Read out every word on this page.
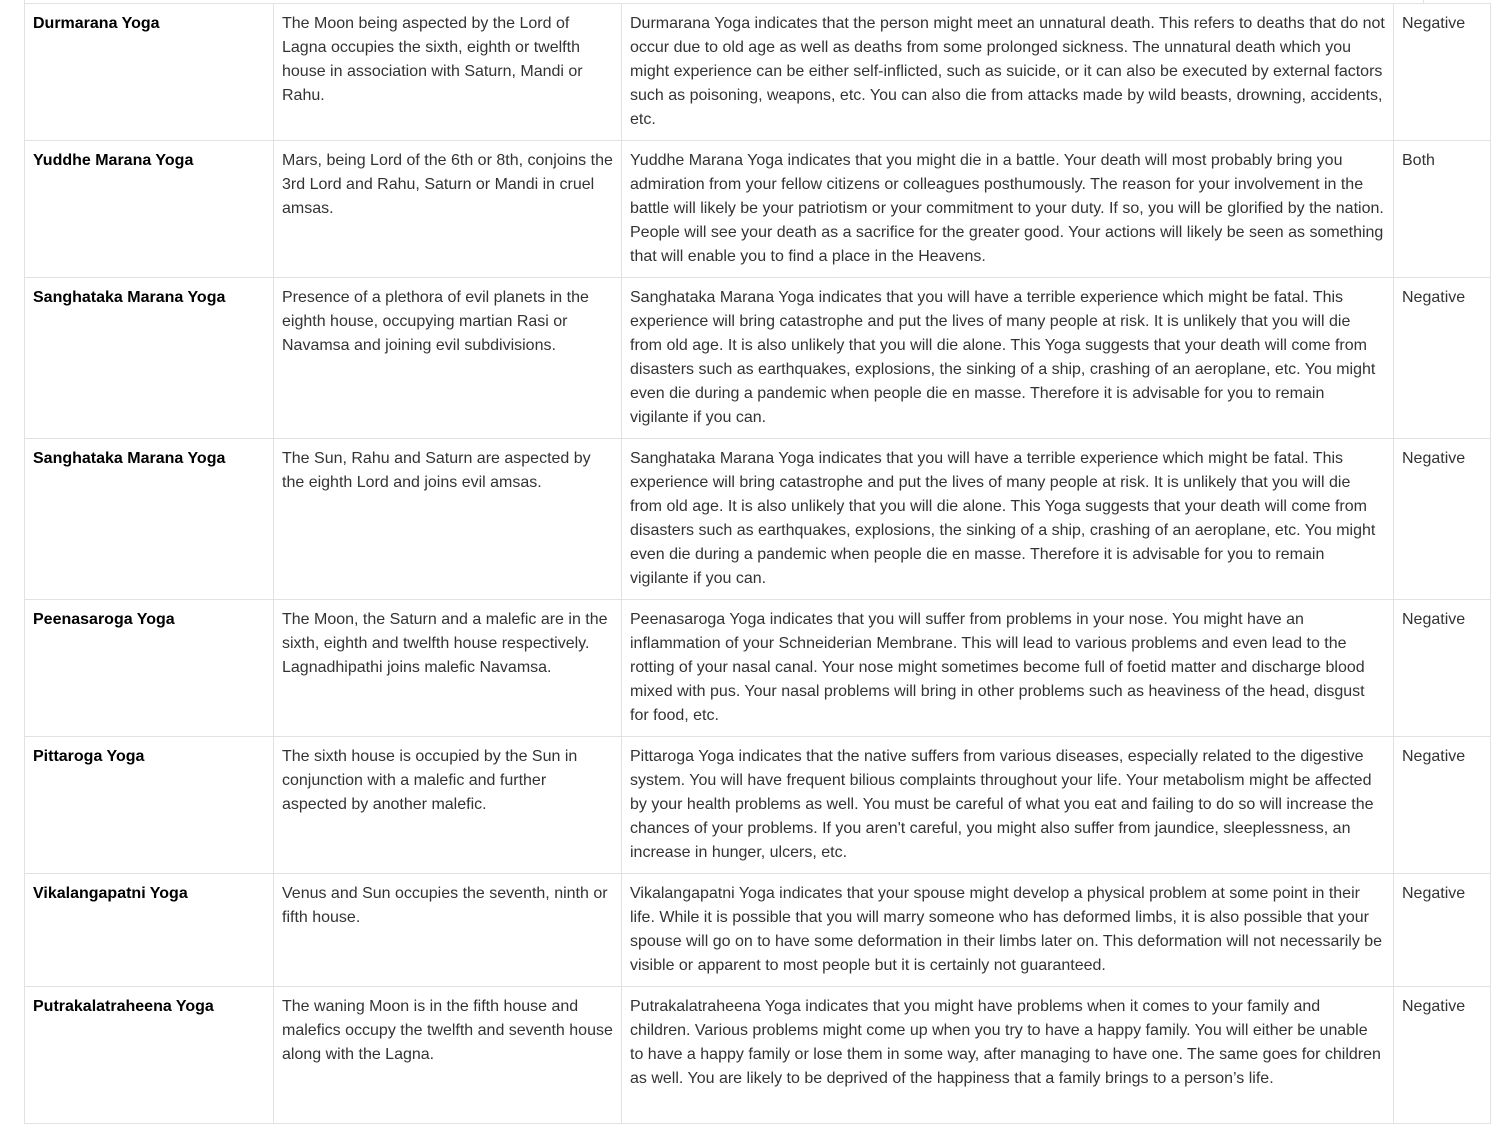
Durmarana Yoga	The Moon being aspected by the Lord of Lagna occupies the sixth, eighth or twelfth house in association with Saturn, Mandi or Rahu.	Durmarana Yoga indicates that the person might meet an unnatural death. This refers to deaths that do not occur due to old age as well as deaths from some prolonged sickness. The unnatural death which you might experience can be either self-inflicted, such as suicide, or it can also be executed by external factors such as poisoning, weapons, etc. You can also die from attacks made by wild beasts, drowning, accidents, etc.	Negative
Yuddhe Marana Yoga	Mars, being Lord of the 6th or 8th, conjoins the 3rd Lord and Rahu, Saturn or Mandi in cruel amsas.	Yuddhe Marana Yoga indicates that you might die in a battle. Your death will most probably bring you admiration from your fellow citizens or colleagues posthumously. The reason for your involvement in the battle will likely be your patriotism or your commitment to your duty. If so, you will be glorified by the nation. People will see your death as a sacrifice for the greater good. Your actions will likely be seen as something that will enable you to find a place in the Heavens.	Both
Sanghataka Marana Yoga	Presence of a plethora of evil planets in the eighth house, occupying martian Rasi or Navamsa and joining evil subdivisions.	Sanghataka Marana Yoga indicates that you will have a terrible experience which might be fatal. This experience will bring catastrophe and put the lives of many people at risk. It is unlikely that you will die from old age. It is also unlikely that you will die alone. This Yoga suggests that your death will come from disasters such as earthquakes, explosions, the sinking of a ship, crashing of an aeroplane, etc. You might even die during a pandemic when people die en masse. Therefore it is advisable for you to remain vigilante if you can.	Negative
Sanghataka Marana Yoga	The Sun, Rahu and Saturn are aspected by the eighth Lord and joins evil amsas.	Sanghataka Marana Yoga indicates that you will have a terrible experience which might be fatal. This experience will bring catastrophe and put the lives of many people at risk. It is unlikely that you will die from old age. It is also unlikely that you will die alone. This Yoga suggests that your death will come from disasters such as earthquakes, explosions, the sinking of a ship, crashing of an aeroplane, etc. You might even die during a pandemic when people die en masse. Therefore it is advisable for you to remain vigilante if you can.	Negative
Peenasaroga Yoga	The Moon, the Saturn and a malefic are in the sixth, eighth and twelfth house respectively. Lagnadhipathi joins malefic Navamsa.	Peenasaroga Yoga indicates that you will suffer from problems in your nose. You might have an inflammation of your Schneiderian Membrane. This will lead to various problems and even lead to the rotting of your nasal canal. Your nose might sometimes become full of foetid matter and discharge blood mixed with pus. Your nasal problems will bring in other problems such as heaviness of the head, disgust for food, etc.	Negative
Pittaroga Yoga	The sixth house is occupied by the Sun in conjunction with a malefic and further aspected by another malefic.	Pittaroga Yoga indicates that the native suffers from various diseases, especially related to the digestive system. You will have frequent bilious complaints throughout your life. Your metabolism might be affected by your health problems as well. You must be careful of what you eat and failing to do so will increase the chances of your problems. If you aren't careful, you might also suffer from jaundice, sleeplessness, an increase in hunger, ulcers, etc.	Negative
Vikalangapatni Yoga	Venus and Sun occupies the seventh, ninth or fifth house.	Vikalangapatni Yoga indicates that your spouse might develop a physical problem at some point in their life. While it is possible that you will marry someone who has deformed limbs, it is also possible that your spouse will go on to have some deformation in their limbs later on. This deformation will not necessarily be visible or apparent to most people but it is certainly not guaranteed.	Negative
Putrakalatraheena Yoga	The waning Moon is in the fifth house and malefics occupy the twelfth and seventh house along with the Lagna.	Putrakalatraheena Yoga indicates that you might have problems when it comes to your family and children. Various problems might come up when you try to have a happy family. You will either be unable to have a happy family or lose them in some way, after managing to have one. The same goes for children as well. You are likely to be deprived of the happiness that a family brings to a person’s life.	Negative
